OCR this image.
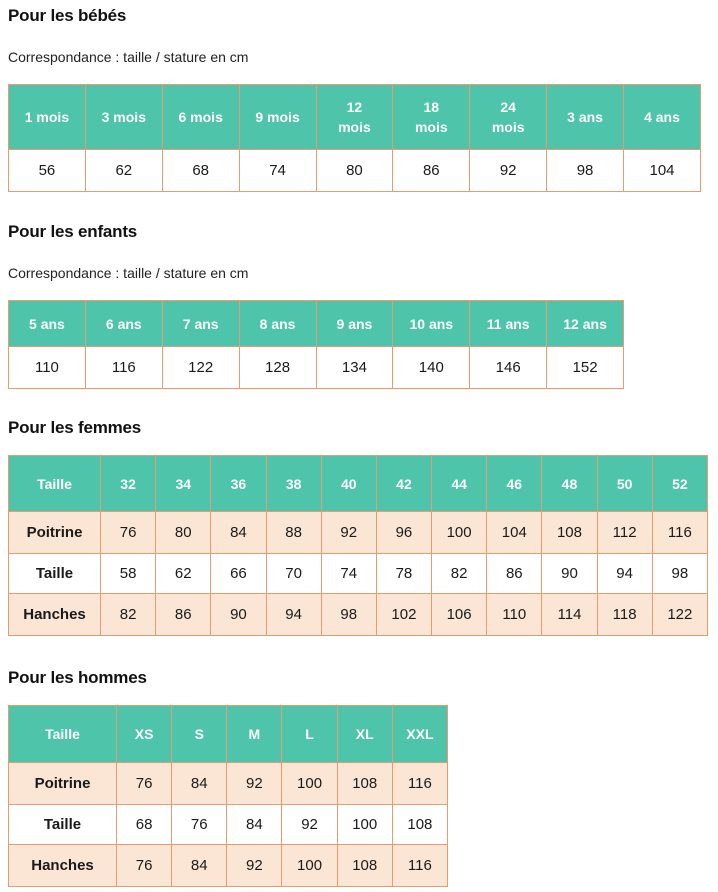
Pour les bébés
Correspondance : taille / stature en cm
1 mois	3 mois	6 mois	9 mois	12 mois	18 mois	24 mois	3 ans	4 ans
56	62	68	74	80	86	92	98	104
Pour les enfants
Correspondance : taille / stature en cm
5 ans	6 ans	7 ans	8 ans	9 ans	10 ans	11 ans	12 ans
110	116	122	128	134	140	146	152
Pour les femmes
Taille	32	34	36	38	40	42	44	46	48	50	52
Poitrine	76	80	84	88	92	96	100	104	108	112	116
Taille	58	62	66	70	74	78	82	86	90	94	98
Hanches	82	86	90	94	98	102	106	110	114	118	122
Pour les hommes
Taille	XS	S	M	L	XL	XXL
Poitrine	76	84	92	100	108	116
Taille	68	76	84	92	100	108
Hanches	76	84	92	100	108	116
